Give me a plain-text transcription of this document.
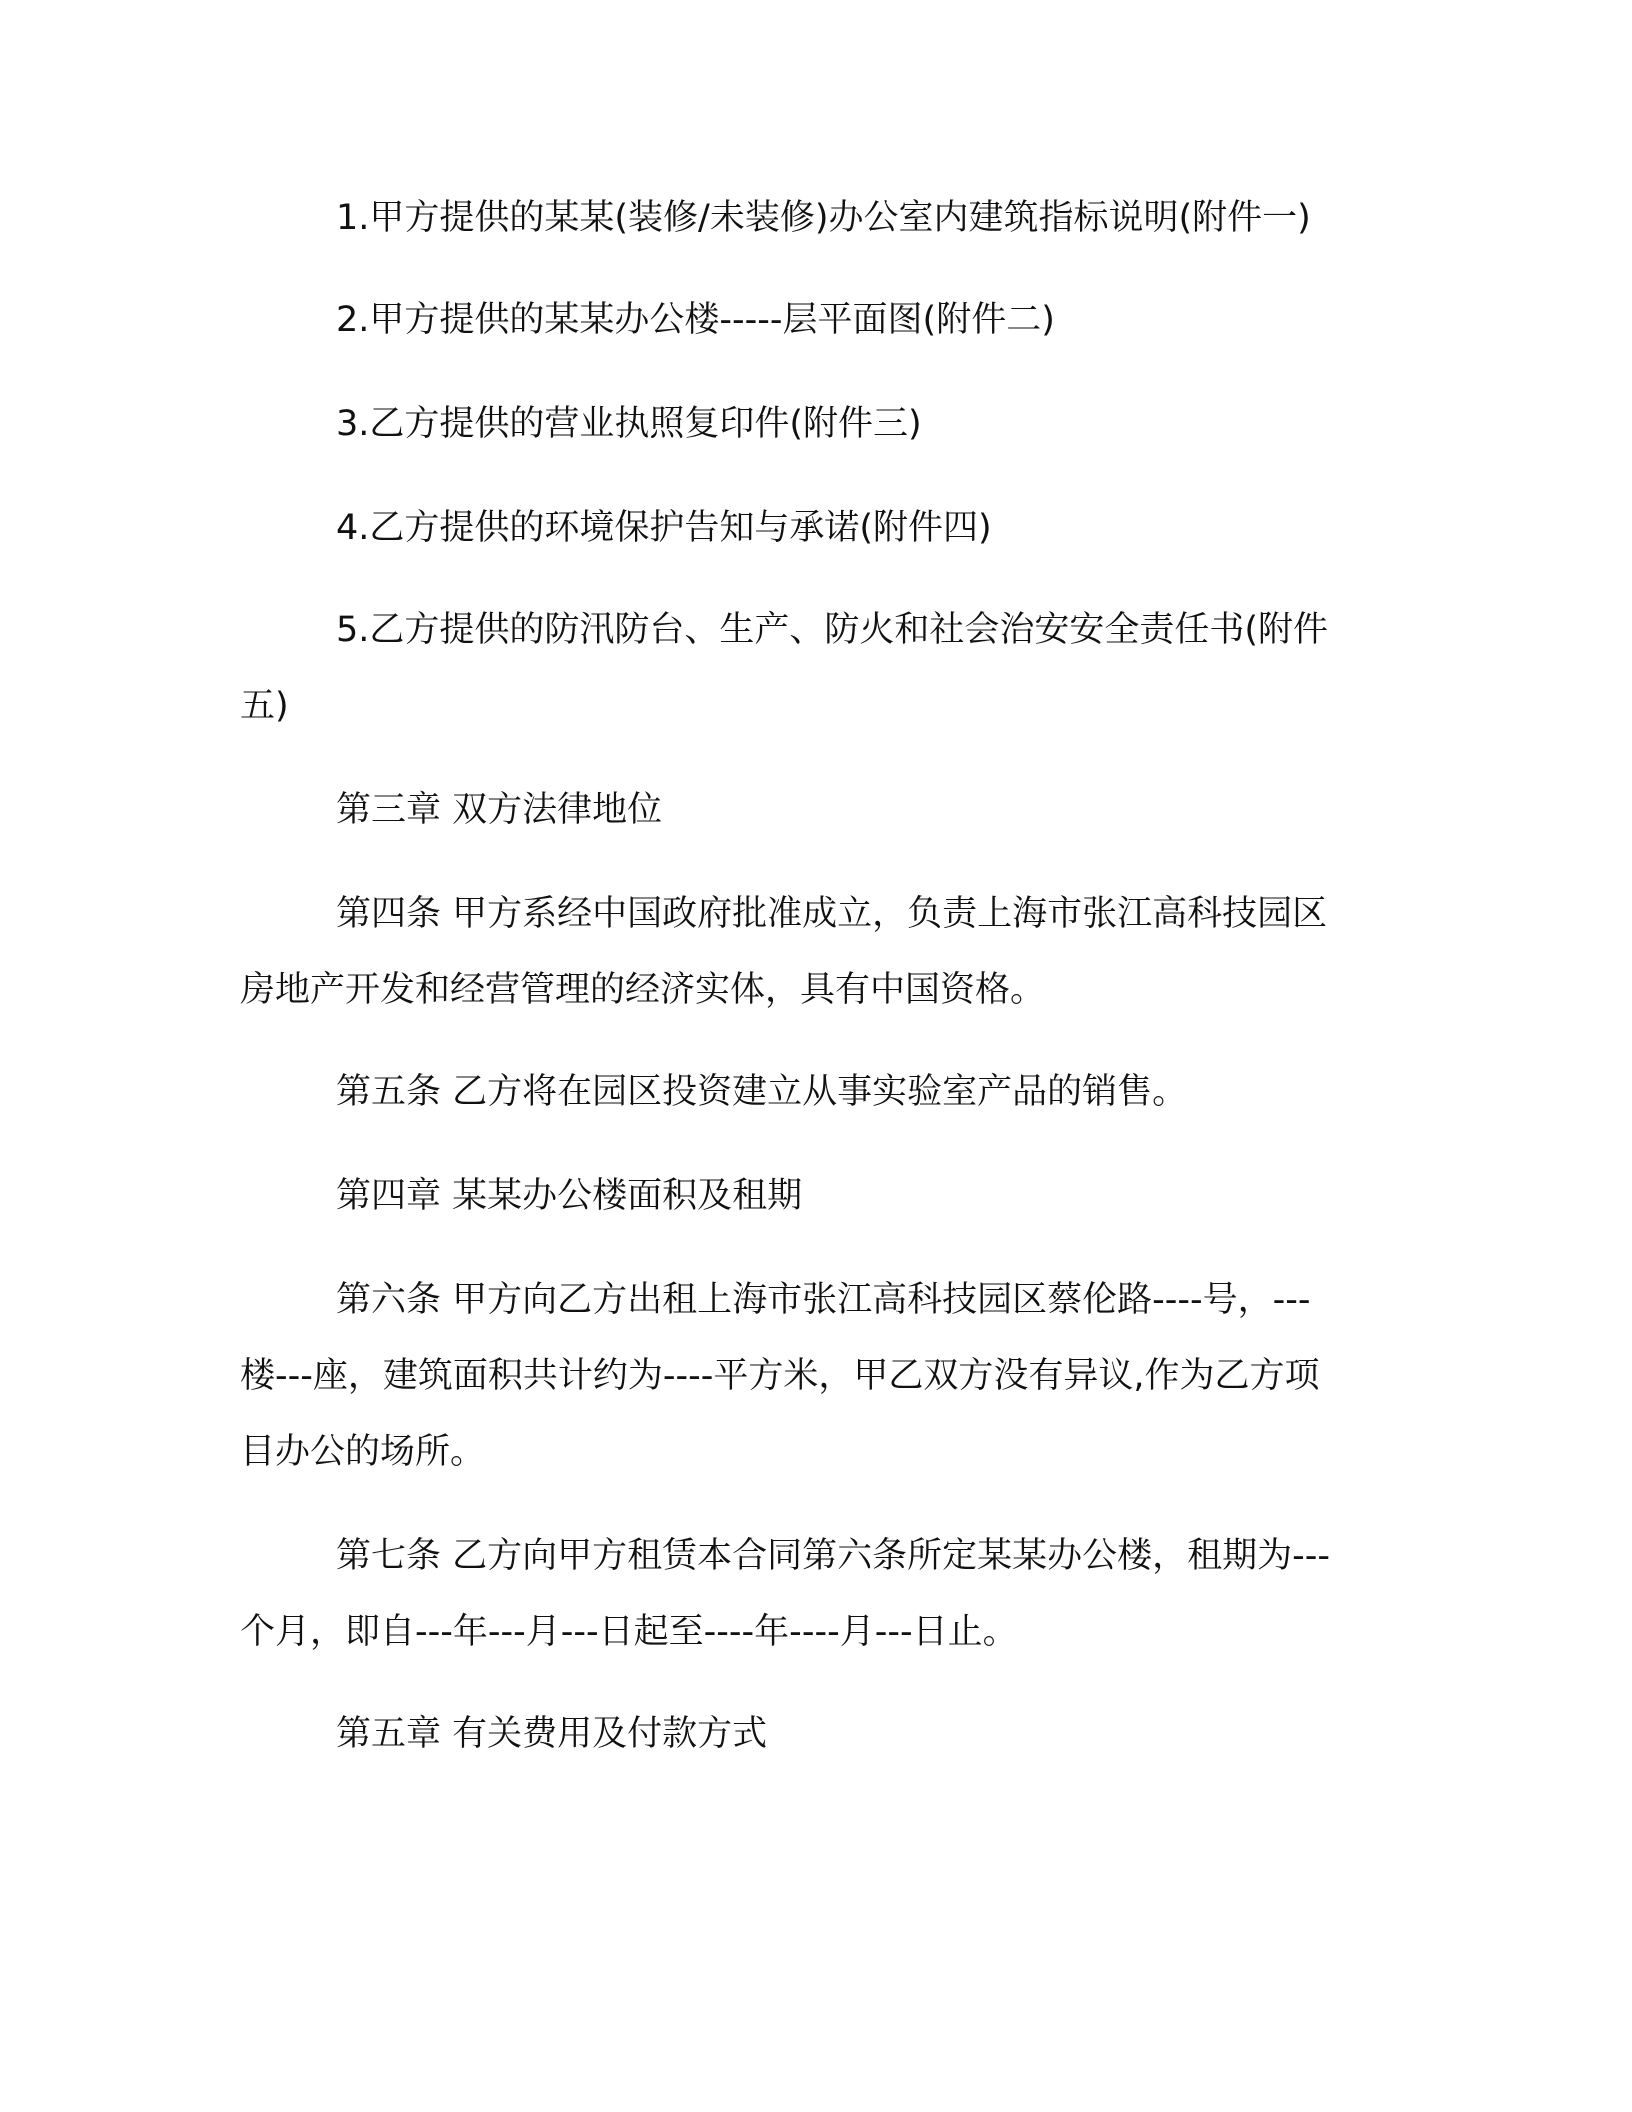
1.甲方提供的某某(装修/未装修)办公室内建筑指标说明(附件一)

2.甲方提供的某某办公楼-----层平面图(附件二)

3.乙方提供的营业执照复印件(附件三)

4.乙方提供的环境保护告知与承诺(附件四)

5.乙方提供的防汛防台、生产、防火和社会治安安全责任书(附件
五)

第三章 双方法律地位

第四条 甲方系经中国政府批准成立，负责上海市张江高科技园区
房地产开发和经营管理的经济实体，具有中国资格。

第五条 乙方将在园区投资建立从事实验室产品的销售。

第四章 某某办公楼面积及租期

第六条 甲方向乙方出租上海市张江高科技园区蔡伦路----号，---
楼---座，建筑面积共计约为----平方米，甲乙双方没有异议,作为乙方项
目办公的场所。

第七条 乙方向甲方租赁本合同第六条所定某某办公楼，租期为---
个月，即自---年---月---日起至----年----月---日止。

第五章 有关费用及付款方式
